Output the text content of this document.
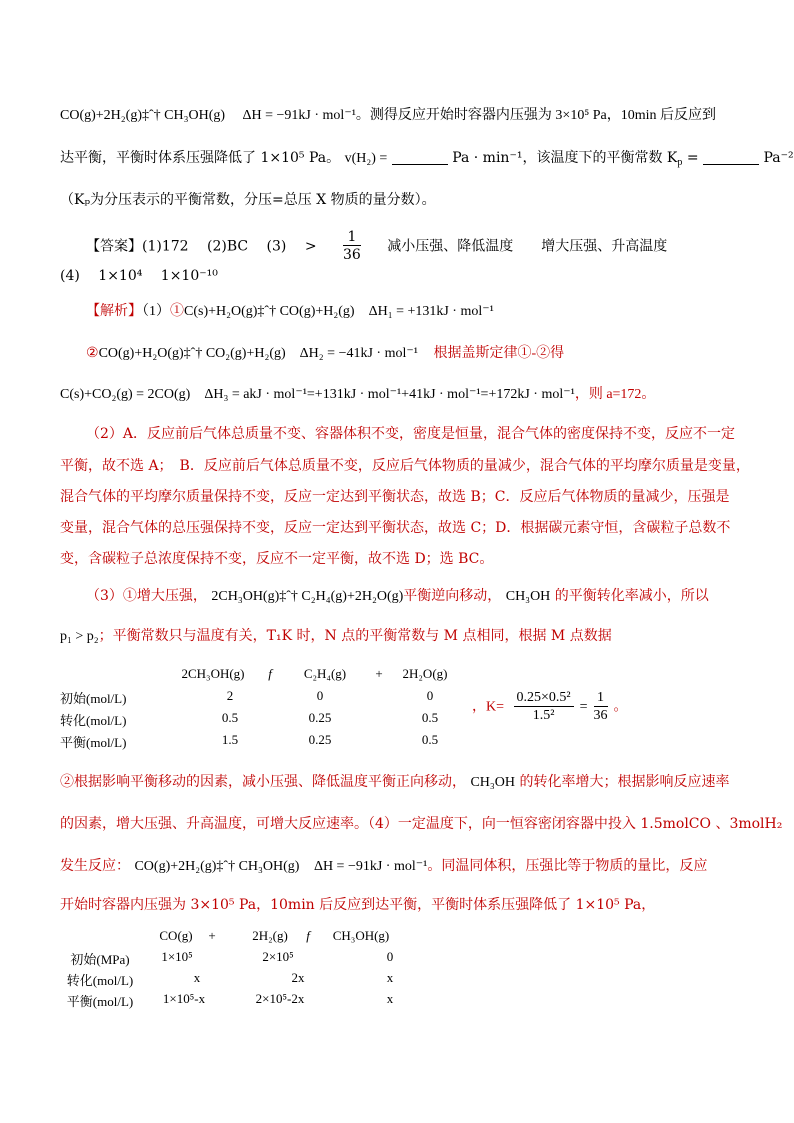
CO(g)+2H₂(g)‡ˆ† CH₃OH(g) ΔH = −91kJ · mol⁻¹。测得反应开始时容器内压强为 3×10⁵ Pa，10min 后反应到
达平衡，平衡时体系压强降低了 1×10⁵ Pa。 v(H₂) =	Pa · min⁻¹，该温度下的平衡常数 $K_p$ =	Pa⁻²
（Kₚ为分压表示的平衡常数，分压=总压 X 物质的量分数）。
【答案】(1)172　 (2)BC　 (3)　 > $\frac{1}{36}$ 减小压强、降低温度　　增大压强、升高温度
(4)　 1×10⁴　 1×10⁻¹⁰
【解析】（1）①C(s)+H₂O(g)‡ˆ† CO(g)+H₂(g)　ΔH₁ = +131kJ · mol⁻¹
②CO(g)+H₂O(g)‡ˆ† CO₂(g)+H₂(g)　ΔH₂ = −41kJ · mol⁻¹ 根据盖斯定律①-②得
C(s)+CO₂(g) = 2CO(g)　ΔH₃ = akJ · mol⁻¹=+131kJ · mol⁻¹+41kJ · mol⁻¹=+172kJ · mol⁻¹，则 a=172。
（2）A．反应前后气体总质量不变、容器体积不变，密度是恒量，混合气体的密度保持不变，反应不一定
平衡，故不选 A；　B．反应前后气体总质量不变，反应后气体物质的量减少，混合气体的平均摩尔质量是变量，
混合气体的平均摩尔质量保持不变，反应一定达到平衡状态，故选 B；C．反应后气体物质的量减少，压强是
变量，混合气体的总压强保持不变，反应一定达到平衡状态，故选 C；D．根据碳元素守恒，含碳粒子总数不
变，含碳粒子总浓度保持不变，反应不一定平衡，故不选 D；选 BC。
（3）①增大压强， 2CH₃OH(g)‡ˆ† C₂H₄(g)+2H₂O(g)平衡逆向移动， CH₃OH 的平衡转化率减小，所以
p₁ > p₂；平衡常数只与温度有关，T₁K 时，N 点的平衡常数与 M 点相同，根据 M 点数据
2CH₃OH(g)	f	C₂H₄(g)	+	2H₂O(g)
初始(mol/L)	2	0	0
转化(mol/L)	0.5	0.25	0.5
平衡(mol/L)	1.5	0.25	0.5
，$K= \frac{\text{0.25×0.5²}}{\text{1.5²}} = \frac{1}{36}$ 。
②根据影响平衡移动的因素，减小压强、降低温度平衡正向移动， CH₃OH 的转化率增大；根据影响反应速率
的因素，增大压强、升高温度，可增大反应速率。（4）一定温度下，向一恒容密闭容器中投入 1.5molCO 、3molH₂
发生反应： CO(g)+2H₂(g)‡ˆ† CH₃OH(g) ΔH = −91kJ · mol⁻¹。同温同体积，压强比等于物质的量比，反应
开始时容器内压强为 3×10⁵ Pa，10min 后反应到达平衡，平衡时体系压强降低了 1×10⁵ Pa，
CO(g)	+	2H₂(g)	f	CH₃OH(g)
初始(MPa)	1×10⁵	2×10⁵	0
转化(mol/L)	x	2x	x
平衡(mol/L)	1×10⁵-x	2×10⁵-2x	x
